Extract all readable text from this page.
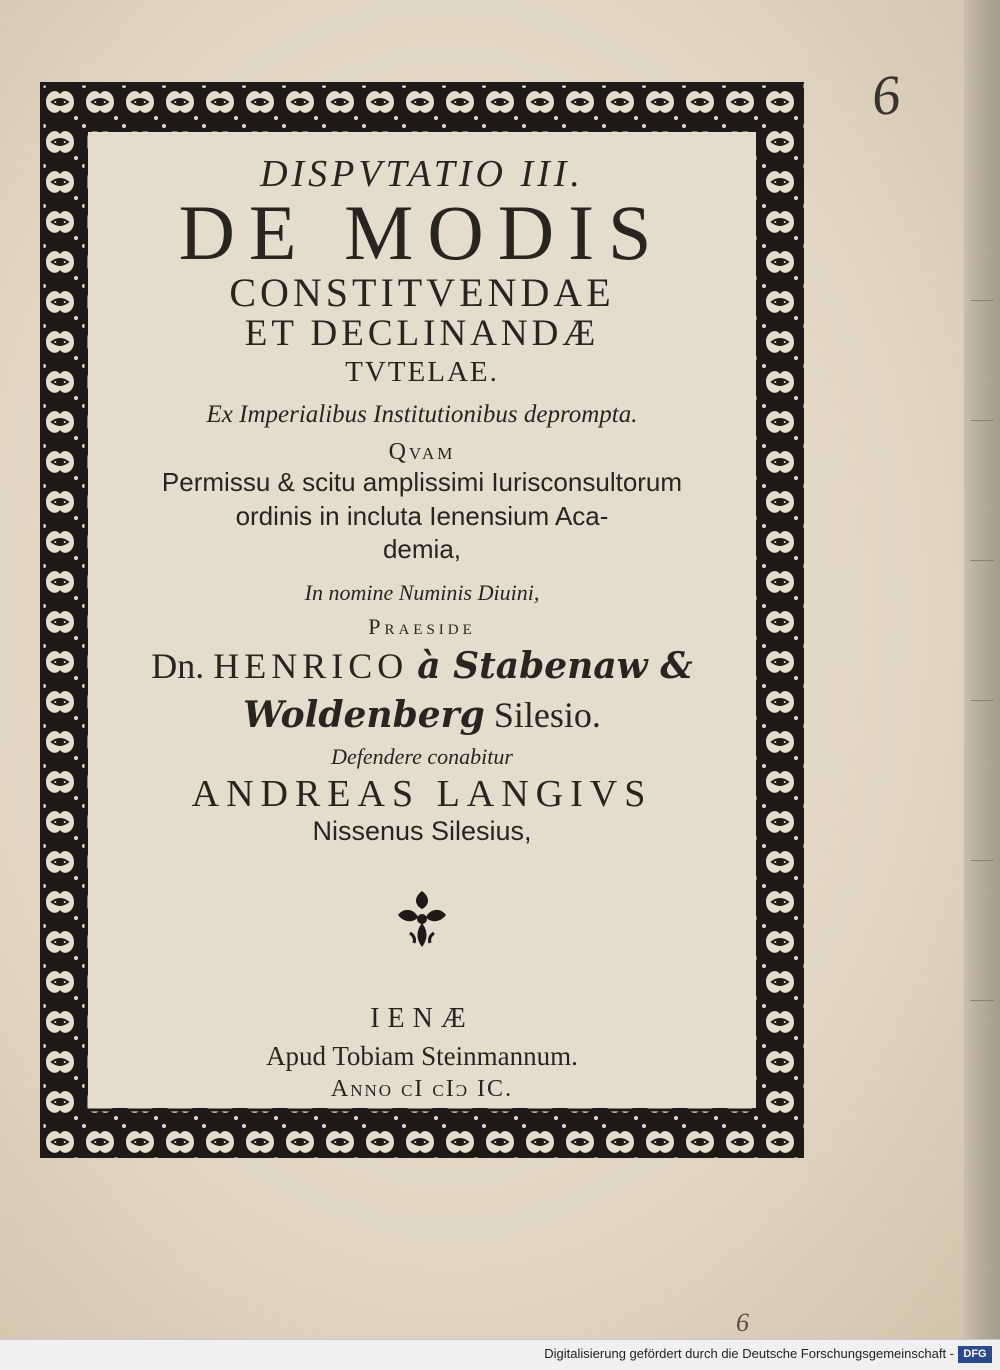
6
DISPVTATIO III.
DE MODIS
CONSTITVENDAE
ET DECLINANDÆ
TVTELAE.
Ex Imperialibus Institutionibus deprompta.
Qvam
Permissu & scitu amplissimi Iurisconsultorum
ordinis in incluta Ienensium Aca-
demia,
In nomine Numinis Diuini,
Praeside
Dn. HENRICO à Stabenaw &
Woldenberg Silesio.
Defendere conabitur
ANDREAS LANGIVS
Nissenus Silesius,
IENÆ
Apud Tobiam Steinmannum.
Anno cI cIɔ IC.
6
Digitalisierung gefördert durch die Deutsche Forschungsgemeinschaft - DFG
